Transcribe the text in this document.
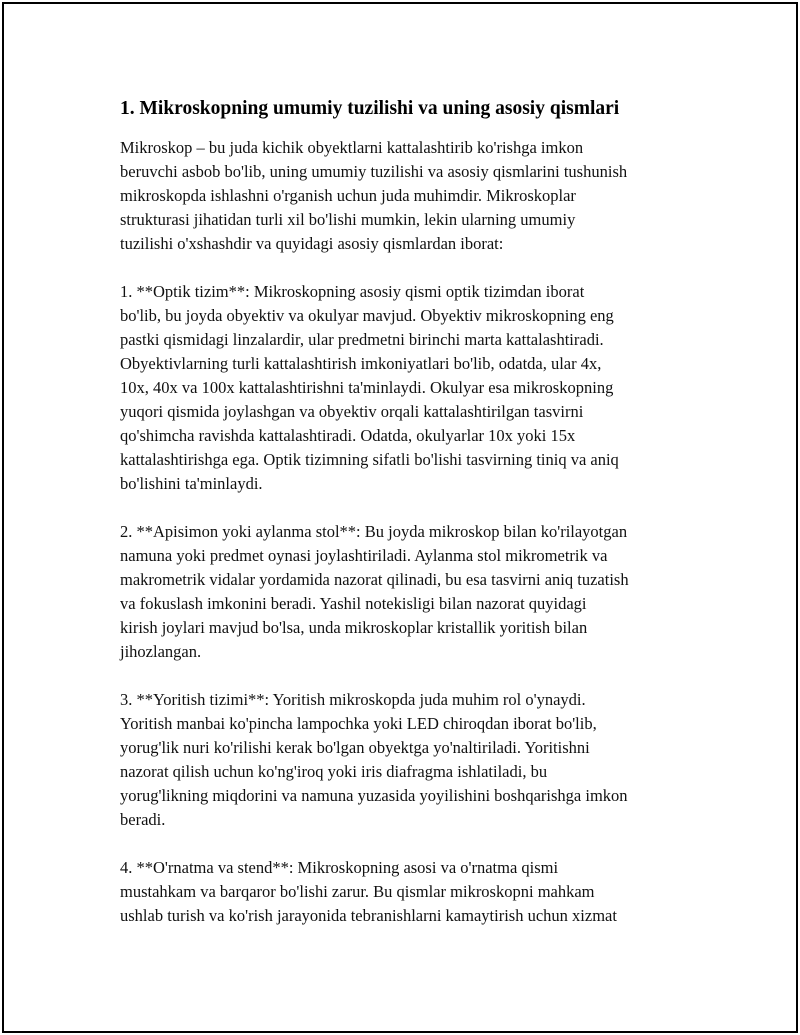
1. Mikroskopning umumiy tuzilishi va uning asosiy qismlari

Mikroskop – bu juda kichik obyektlarni kattalashtirib ko'rishga imkon
beruvchi asbob bo'lib, uning umumiy tuzilishi va asosiy qismlarini tushunish
mikroskopda ishlashni o'rganish uchun juda muhimdir. Mikroskoplar
strukturasi jihatidan turli xil bo'lishi mumkin, lekin ularning umumiy
tuzilishi o'xshashdir va quyidagi asosiy qismlardan iborat:

1. **Optik tizim**: Mikroskopning asosiy qismi optik tizimdan iborat
bo'lib, bu joyda obyektiv va okulyar mavjud. Obyektiv mikroskopning eng
pastki qismidagi linzalardir, ular predmetni birinchi marta kattalashtiradi.
Obyektivlarning turli kattalashtirish imkoniyatlari bo'lib, odatda, ular 4x,
10x, 40x va 100x kattalashtirishni ta'minlaydi. Okulyar esa mikroskopning
yuqori qismida joylashgan va obyektiv orqali kattalashtirilgan tasvirni
qo'shimcha ravishda kattalashtiradi. Odatda, okulyarlar 10x yoki 15x
kattalashtirishga ega. Optik tizimning sifatli bo'lishi tasvirning tiniq va aniq
bo'lishini ta'minlaydi.

2. **Apisimon yoki aylanma stol**: Bu joyda mikroskop bilan ko'rilayotgan
namuna yoki predmet oynasi joylashtiriladi. Aylanma stol mikrometrik va
makrometrik vidalar yordamida nazorat qilinadi, bu esa tasvirni aniq tuzatish
va fokuslash imkonini beradi. Yashil notekisligi bilan nazorat quyidagi
kirish joylari mavjud bo'lsa, unda mikroskoplar kristallik yoritish bilan
jihozlangan.

3. **Yoritish tizimi**: Yoritish mikroskopda juda muhim rol o'ynaydi.
Yoritish manbai ko'pincha lampochka yoki LED chiroqdan iborat bo'lib,
yorug'lik nuri ko'rilishi kerak bo'lgan obyektga yo'naltiriladi. Yoritishni
nazorat qilish uchun ko'ng'iroq yoki iris diafragma ishlatiladi, bu
yorug'likning miqdorini va namuna yuzasida yoyilishini boshqarishga imkon
beradi.

4. **O'rnatma va stend**: Mikroskopning asosi va o'rnatma qismi
mustahkam va barqaror bo'lishi zarur. Bu qismlar mikroskopni mahkam
ushlab turish va ko'rish jarayonida tebranishlarni kamaytirish uchun xizmat
